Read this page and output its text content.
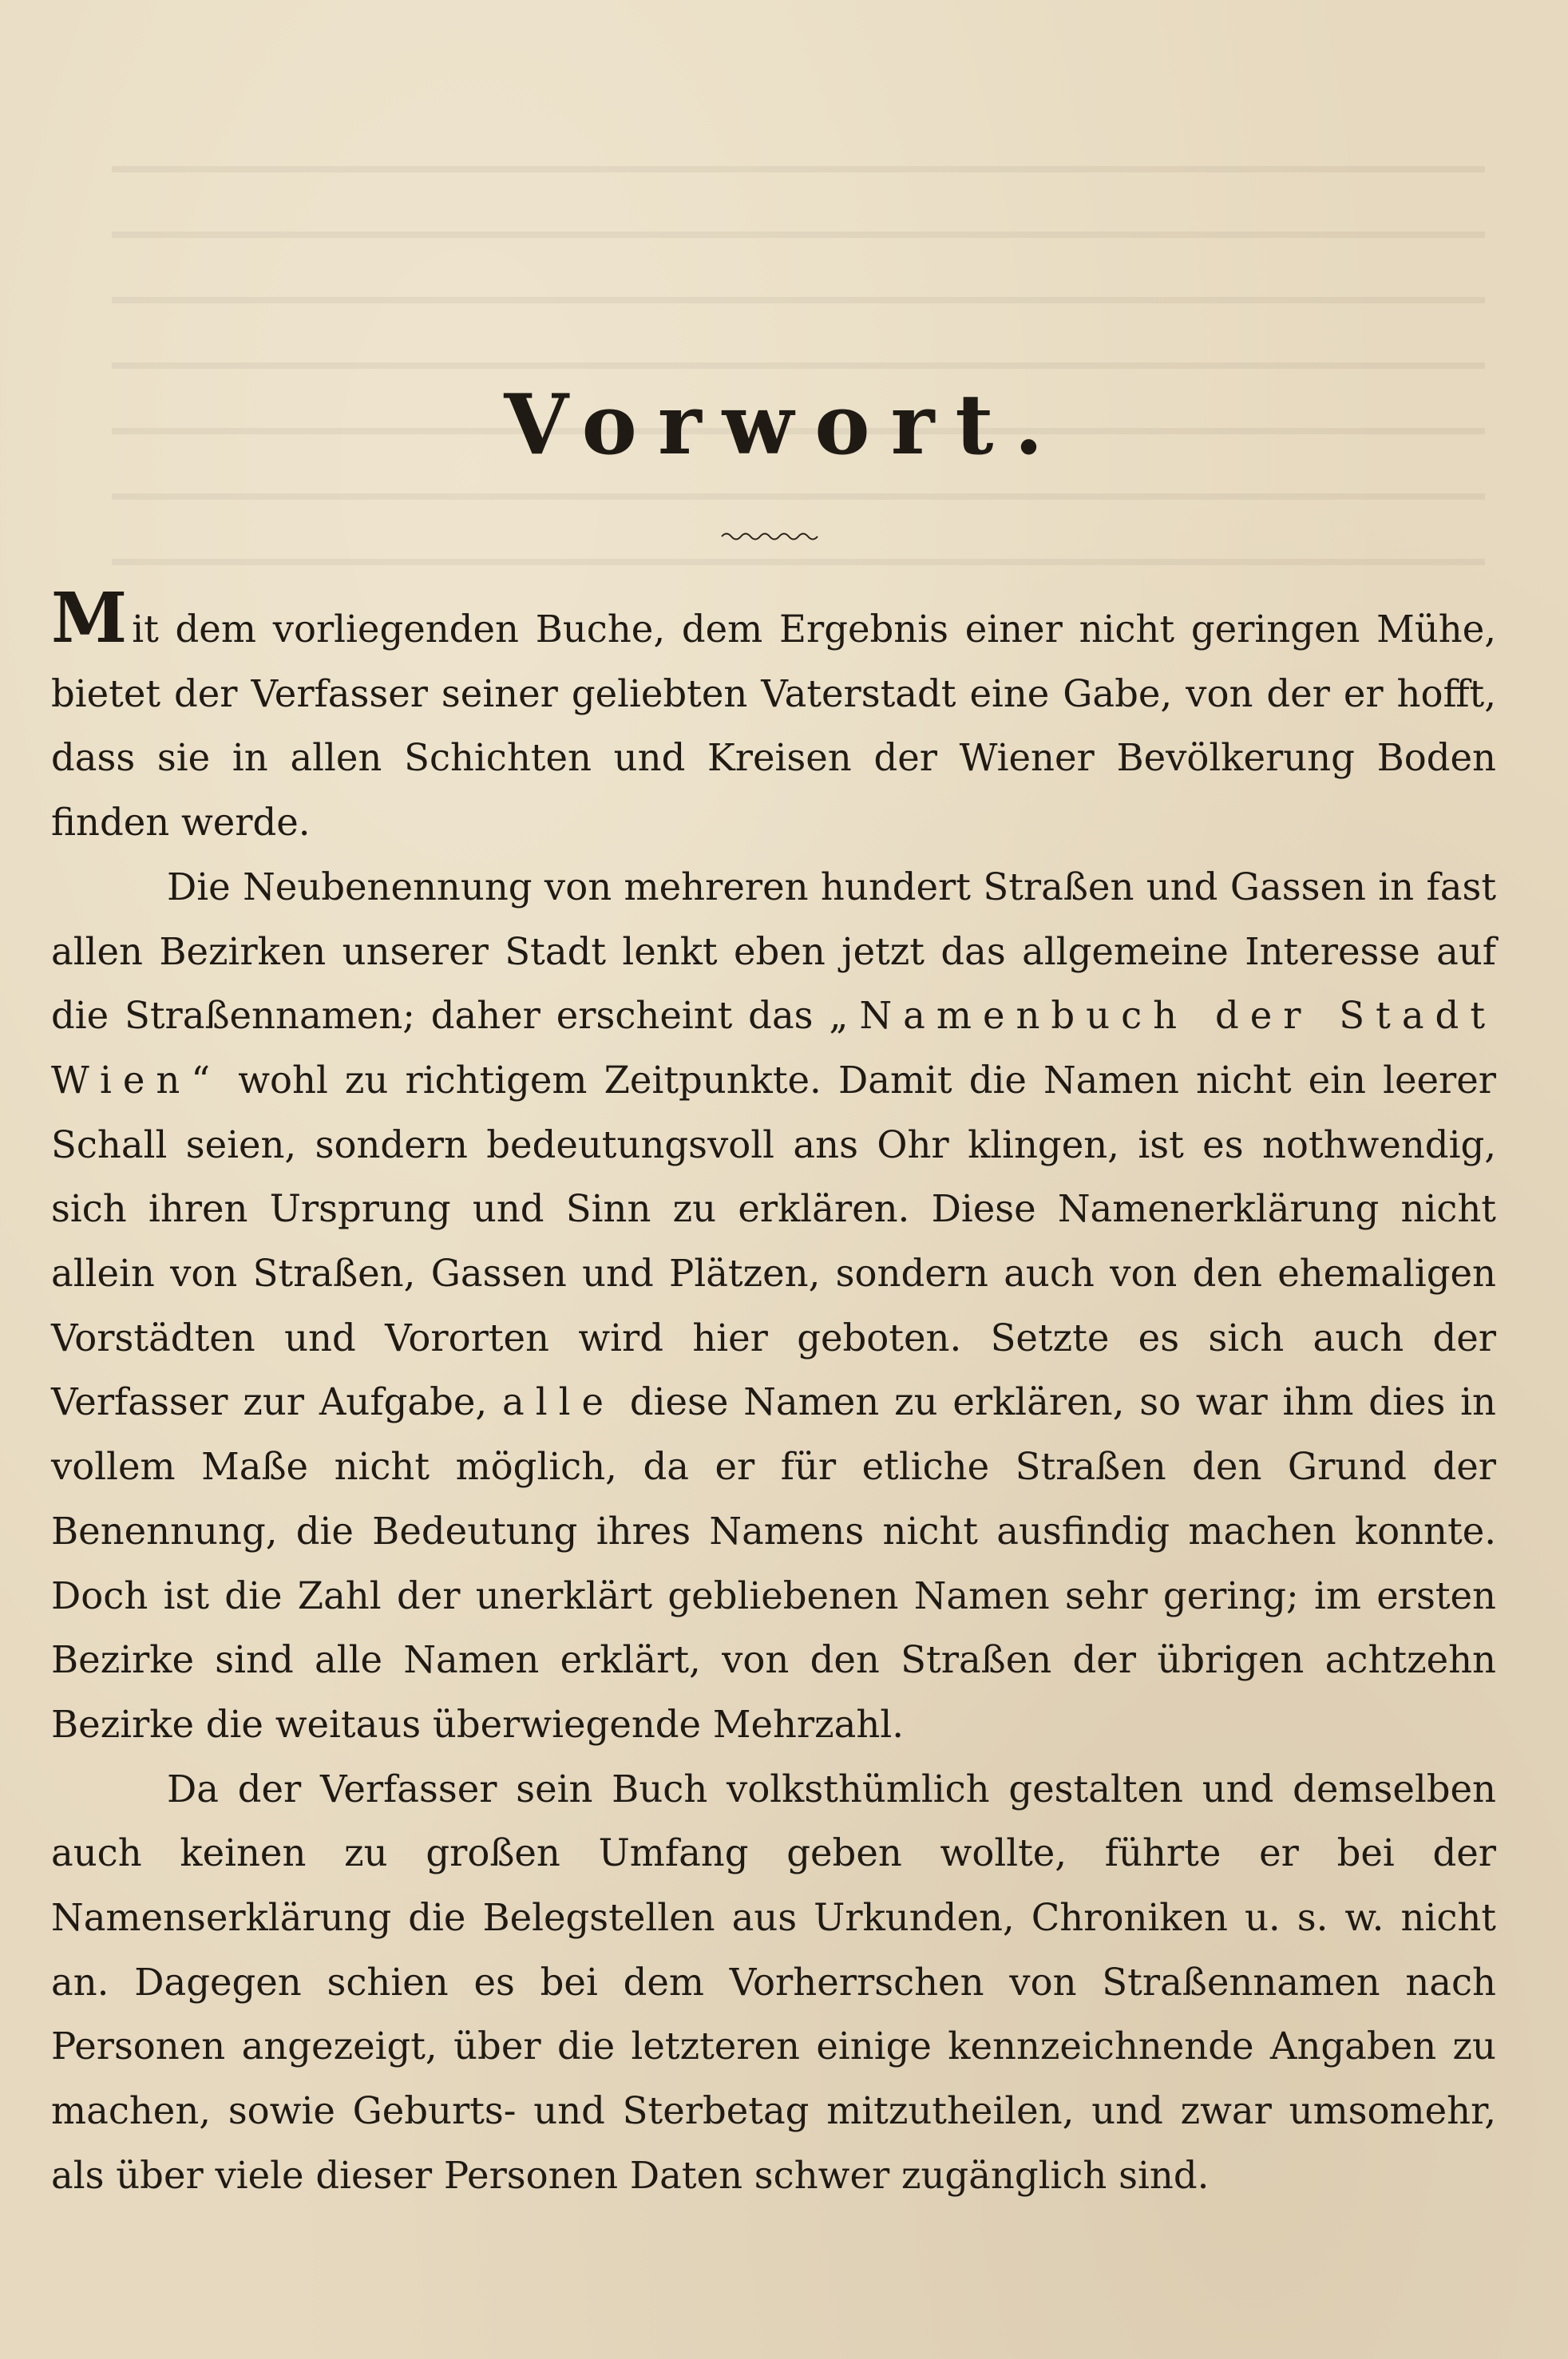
Vorwort.

Mit dem vorliegenden Buche, dem Ergebnis einer nicht geringen Mühe, bietet der Verfasser seiner geliebten Vaterstadt eine Gabe, von der er hofft, dass sie in allen Schichten und Kreisen der Wiener Bevölkerung Boden finden werde.

Die Neubenennung von mehreren hundert Straßen und Gassen in fast allen Bezirken unserer Stadt lenkt eben jetzt das allgemeine Interesse auf die Straßennamen; daher erscheint das „Namenbuch der Stadt Wien“ wohl zu richtigem Zeitpunkte. Damit die Namen nicht ein leerer Schall seien, sondern bedeutungsvoll ans Ohr klingen, ist es nothwendig, sich ihren Ursprung und Sinn zu erklären. Diese Namenerklärung nicht allein von Straßen, Gassen und Plätzen, sondern auch von den ehemaligen Vorstädten und Vororten wird hier geboten. Setzte es sich auch der Verfasser zur Aufgabe, alle diese Namen zu erklären, so war ihm dies in vollem Maße nicht möglich, da er für etliche Straßen den Grund der Benennung, die Bedeutung ihres Namens nicht ausfindig machen konnte. Doch ist die Zahl der unerklärt gebliebenen Namen sehr gering; im ersten Bezirke sind alle Namen erklärt, von den Straßen der übrigen achtzehn Bezirke die weitaus überwiegende Mehrzahl.

Da der Verfasser sein Buch volksthümlich gestalten und demselben auch keinen zu großen Umfang geben wollte, führte er bei der Namenserklärung die Belegstellen aus Urkunden, Chroniken u. s. w. nicht an. Dagegen schien es bei dem Vorherrschen von Straßennamen nach Personen angezeigt, über die letzteren einige kennzeichnende Angaben zu machen, sowie Geburts- und Sterbetag mitzutheilen, und zwar umsomehr, als über viele dieser Personen Daten schwer zugänglich sind.
